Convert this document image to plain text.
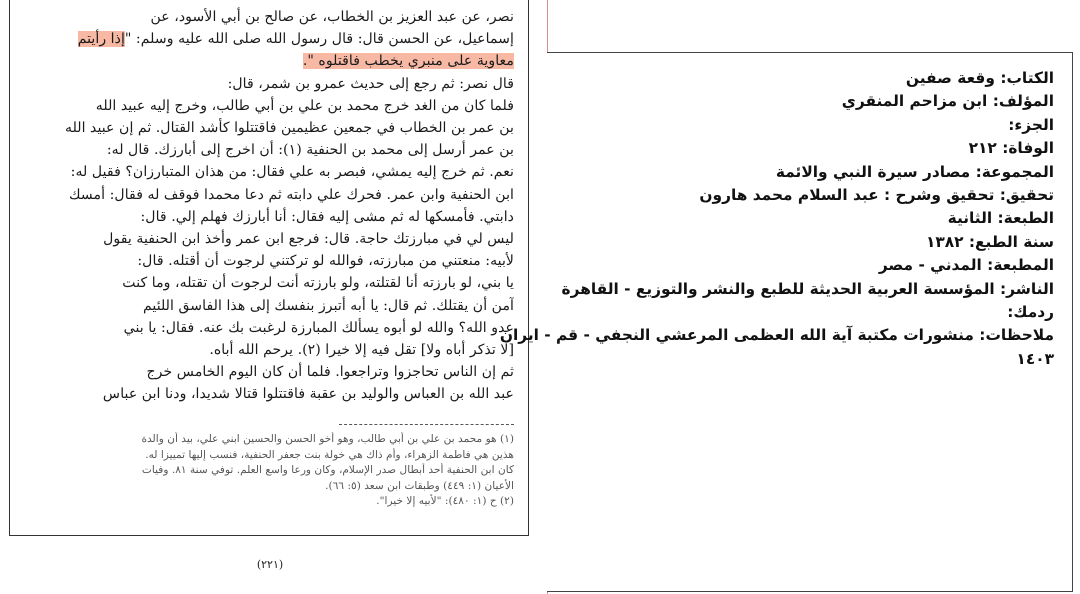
نصر، عن عبد العزيز بن الخطاب، عن صالح بن أبي الأسود، عن
إسماعيل، عن الحسن قال: قال رسول الله صلى الله عليه وسلم: "إذا رأيتم
معاوية على منبري يخطب فاقتلوه ".
قال نصر: ثم رجع إلى حديث عمرو بن شمر، قال:
فلما كان من الغد خرج محمد بن علي بن أبي طالب، وخرج إليه عبيد الله
بن عمر بن الخطاب في جمعين عظيمين فاقتتلوا كأشد القتال. ثم إن عبيد الله
بن عمر أرسل إلى محمد بن الحنفية (١): أن اخرج إلى أبارزك. قال له:
نعم. ثم خرج إليه يمشي، فبصر به علي فقال: من هذان المتبارزان؟ فقيل له:
ابن الحنفية وابن عمر. فحرك علي دابته ثم دعا محمدا فوقف له فقال: أمسك
دابتي. فأمسكها له ثم مشى إليه فقال: أنا أبارزك فهلم إلي. قال:
ليس لي في مبارزتك حاجة. قال: فرجع ابن عمر وأخذ ابن الحنفية يقول
لأبيه: منعتني من مبارزته، فوالله لو تركتني لرجوت أن أقتله. قال:
يا بني، لو بارزته أنا لقتلته، ولو بارزته أنت لرجوت أن تقتله، وما كنت
آمن أن يقتلك. ثم قال: يا أبه أتبرز بنفسك إلى هذا الفاسق اللئيم
عدو الله؟ والله لو أبوه يسألك المبارزة لرغبت بك عنه. فقال: يا بني
[لا تذكر أباه ولا] تقل فيه إلا خيرا (٢). يرحم الله أباه.
ثم إن الناس تحاجزوا وتراجعوا. فلما أن كان اليوم الخامس خرج
عبد الله بن العباس والوليد بن عقبة فاقتتلوا قتالا شديدا، ودنا ابن عباس
(١) هو محمد بن علي بن أبي طالب، وهو أخو الحسن والحسين ابني علي، بيد أن والدة
هذين هي فاطمة الزهراء، وأم ذاك هي خولة بنت جعفر الحنفية، فنسب إليها تمييزا له.
كان ابن الحنفية أحد أبطال صدر الإسلام، وكان ورعا واسع العلم. توفي سنة ٨١. وفيات
الأعيان (١: ٤٤٩) وطبقات ابن سعد (٥: ٦٦).
(٢) ح (١: ٤٨٠): "لأبيه إلا خيرا".
(٢٢١)
الكتاب: وقعة صفين
المؤلف: ابن مزاحم المنقري
الجزء:
الوفاة: ٢١٢
المجموعة: مصادر سيرة النبي والائمة
تحقيق: تحقيق وشرح : عبد السلام محمد هارون
الطبعة: الثانية
سنة الطبع: ١٣٨٢
المطبعة: المدني - مصر
الناشر: المؤسسة العربية الحديثة للطبع والنشر والتوزيع - القاهرة
ردمك:
ملاحظات: منشورات مكتبة آية الله العظمى المرعشي النجفي - قم - ايران
١٤٠٣
